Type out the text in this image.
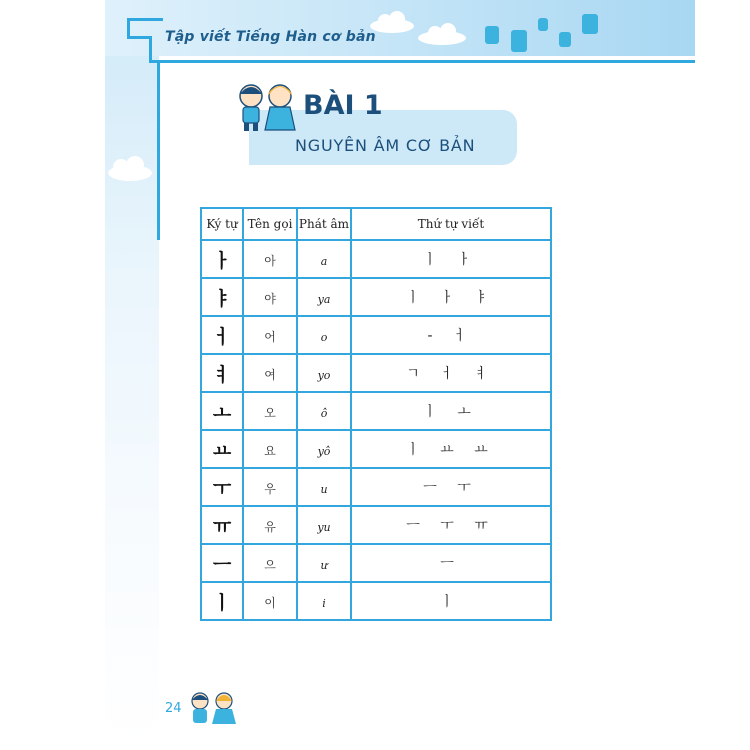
Tập viết Tiếng Hàn cơ bản
BÀI 1
NGUYÊN ÂM CƠ BẢN
Ký tự	Tên gọi	Phát âm	Thứ tự viết
ㅏ	아	a	ㅣ ㅏ
ㅑ	야	ya	ㅣ ㅏ ㅑ
ㅓ	어	o	- ㅓ
ㅕ	여	yo	ㄱ ㅓ ㅕ
ㅗ	오	ô	ㅣ ㅗ
ㅛ	요	yô	ㅣ ㅛ ㅛ
ㅜ	우	u	ㅡ ㅜ
ㅠ	유	yu	ㅡ ㅜ ㅠ
ㅡ	으	ư	ㅡ
ㅣ	이	i	ㅣ
24
